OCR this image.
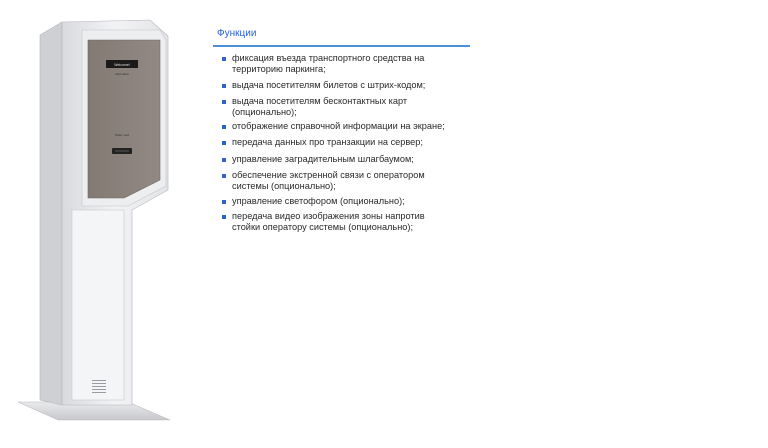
Welcome!
information
Ticket / card
Функции
фиксация въезда транспортного средства на
территорию паркинга;
выдача посетителям билетов с штрих-кодом;
выдача посетителям бесконтактных карт
(опционально);
отображение справочной информации на экране;
передача данных про транзакции на сервер;
управление заградительным шлагбаумом;
обеспечение экстренной связи с оператором
системы (опционально);
управление светофором (опционально);
передача видео изображения зоны напротив
стойки оператору системы (опционально);
